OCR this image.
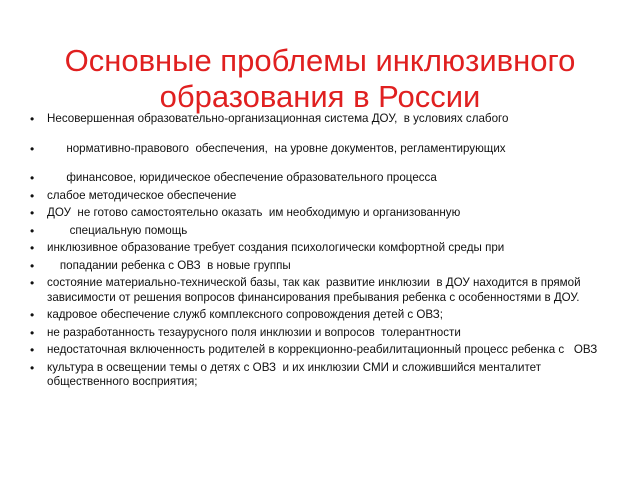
Основные проблемы инклюзивного
образования в России
• Несовершенная образовательно-организационная система ДОУ,  в условиях слабого
•       нормативно-правового  обеспечения,  на уровне документов, регламентирующих
•       финансовое, юридическое обеспечение образовательного процесса
• слабое методическое обеспечение
• ДОУ  не готово самостоятельно оказать  им необходимую и организованную
•        специальную помощь
• инклюзивное образование требует создания психологически комфортной среды при
•     попадании ребенка с ОВЗ  в новые группы
• состояние материально-технической базы, так как  развитие инклюзии  в ДОУ находится в прямой зависимости от решения вопросов финансирования пребывания ребенка с особенностями в ДОУ.
• кадровое обеспечение служб комплексного сопровождения детей с ОВЗ;
• не разработанность тезаурусного поля инклюзии и вопросов  толерантности
• недостаточная включенность родителей в коррекционно-реабилитационный процесс ребенка с   ОВЗ
• культура в освещении темы о детях с ОВЗ  и их инклюзии СМИ и сложившийся менталитет общественного восприятия;
